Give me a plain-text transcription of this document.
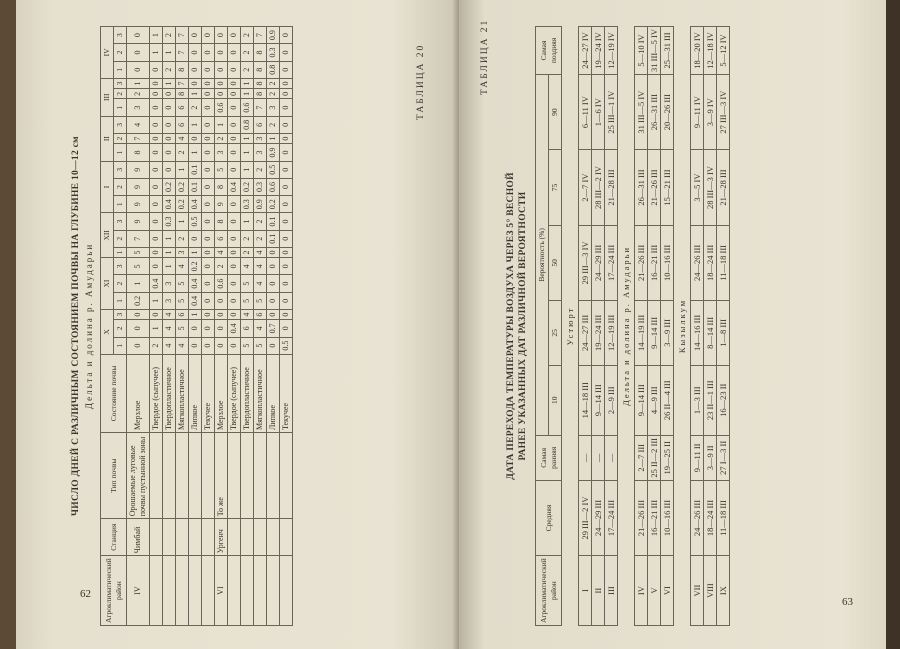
62
ТАБЛИЦА 20
ЧИСЛО ДНЕЙ С РАЗЛИЧНЫМ СОСТОЯНИЕМ ПОЧВЫ НА ГЛУБИНЕ 10—12 см Дельта и долина р. Амударьи
Агроклиматический район	Станция	Тип почвы	Состояние почвы	X			XI			XII			I			II			III			IV		
				1	2	3	1	2	3	1	2	3	1	2	3	1	2	3	1	2	3	1	2	3
IV	Чимбай	Орошаемые луговые почвы пустынной зоны	Мерзлое	0	0	0	0.2	1	5	5	7	9	9	9	9	8	7	4	3	2	1	0	0	0
			Твердое (сыпучее)	2	1	0	1	0.4	0	0	0	0	0	0	0	0	0	0	0	0	0	0	1	1
			Твердопластичное	4	4	4	3	3	1	1	1	0.3	0.4	0.2	0	0	0	0	0	0	1	2	1	2
			Мягкопластичное	4	5	6	5	5	4	3	2	1	0.2	0.2	1	2	4	6	6	8	7	8	7	7
			Липкое	0	0	1	0.4	0.4	0.2	1	0	0.5	0.4	0.1	0.1	1	0	1	2	1	0	0	0	0
			Текучее	0	0	0	0	0	0	0	0	0	0	0	0	0	0	0	0	0	0	0	0	0
VI	Ургенч	То же	Мерзлое	0	0	0	0	0.6	2	4	6	8	9	8	5	3	2	1	0.6	0	0	0	0	0
			Твердое (сыпучее)	0	0.4	0	0	0	0	0	0	0	0	0.4	0	0	0	0	0	0	0	0	0	0
			Твердопластичное	5	6	4	5	5	4	2	2	1	0.3	0.2	1	1	1	0.8	0.6	1	1	2	2	2
			Мягкопластичное	5	4	6	5	4	4	4	2	2	0.9	0.3	2	3	3	6	7	8	8	8	8	7
			Липкое	0	0.7	0	0	0	0	0	0.1	0.1	0.2	0.6	0.5	0.9	1	2	3	2	2	0.8	0.3	0.9
			Текучее	0.5	0	0	0	0	0	0	0	0	0	0	0	0	0	0	0	0	0	0	0	0
63
ТАБЛИЦА 21
ДАТА ПЕРЕХОДА ТЕМПЕРАТУРЫ ВОЗДУХА ЧЕРЕЗ 5° ВЕСНОЙ РАНЕЕ УКАЗАННЫХ ДАТ РАЗЛИЧНОЙ ВЕРОЯТНОСТИ
Агроклиматический район	Средняя	Самая ранняя	Вероятность (%)					Самая поздняя
			10	25	50	75	90	
Устюрт								
I	29 III—2 IV	—	14—18 III	24—27 III	29 III—3 IV	2—7 IV	6—11 IV	24—27 IV
II	24—29 III	—	9—14 III	19—24 III	24—29 III	28 III—2 IV	1—6 IV	19—24 IV
III	17—24 III	—	2—9 III	12—19 III	17—24 III	21—28 III	25 III—1 IV	12—19 IV
Дельта и долина р. Амударьи								
IV	21—26 III	2—7 III	9—14 III	14—19 III	21—26 III	26—31 III	31 III—5 IV	5—10 IV
V	16—21 III	25 II—2 III	4—9 III	9—14 III	16—21 III	21—26 III	26—31 III	31 III—5 IV
VI	10—16 III	19—25 II	26 II—4 III	3—9 III	10—16 III	15—21 III	20—26 III	25—31 III
Кызылкум								
VII	24—26 III	9—11 II	1—3 III	14—16 III	24—26 III	3—5 IV	9—11 IV	18—20 IV
VIII	18—24 III	3—9 II	23 II—1 III	8—14 III	18—24 III	28 III—3 IV	3—9 IV	12—18 IV
IX	11—18 III	27 I—3 II	16—23 II	1—8 III	11—18 III	21—28 III	27 III—3 IV	5—12 IV
